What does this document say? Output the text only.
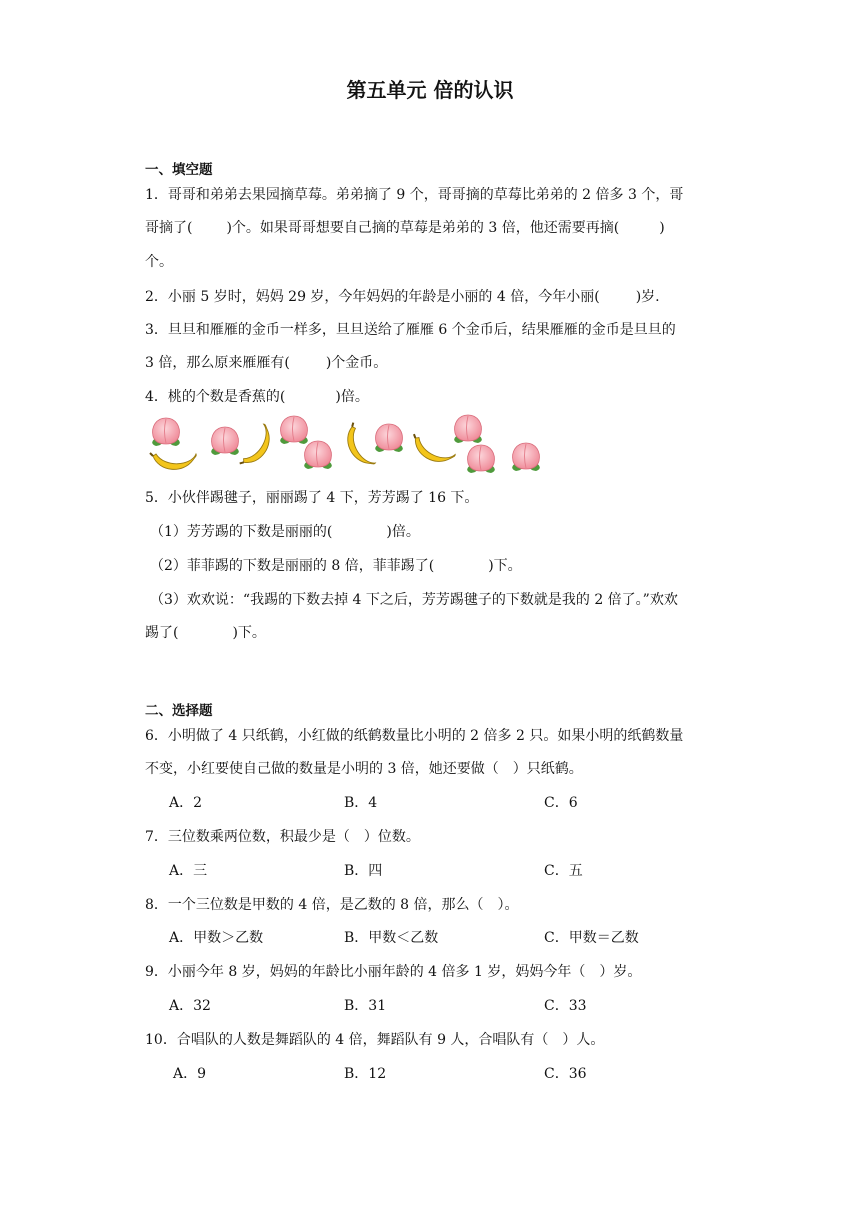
第五单元 倍的认识
一、填空题
1．哥哥和弟弟去果园摘草莓。弟弟摘了 9 个，哥哥摘的草莓比弟弟的 2 倍多 3 个，哥
哥摘了( )个。如果哥哥想要自己摘的草莓是弟弟的 3 倍，他还需要再摘(	)
个。
2．小丽 5 岁时，妈妈 29 岁，今年妈妈的年龄是小丽的 4 倍，今年小丽(	)岁.
3．旦旦和雁雁的金币一样多，旦旦送给了雁雁 6 个金币后，结果雁雁的金币是旦旦的
3 倍，那么原来雁雁有(	)个金币。
4．桃的个数是香蕉的(	)倍。
5．小伙伴踢毽子，丽丽踢了 4 下，芳芳踢了 16 下。
（1）芳芳踢的下数是丽丽的(	)倍。
（2）菲菲踢的下数是丽丽的 8 倍，菲菲踢了(	)下。
（3）欢欢说：“我踢的下数去掉 4 下之后，芳芳踢毽子的下数就是我的 2 倍了。”欢欢
踢了(	)下。
二、选择题
6．小明做了 4 只纸鹤，小红做的纸鹤数量比小明的 2 倍多 2 只。如果小明的纸鹤数量
不变，小红要使自己做的数量是小明的 3 倍，她还要做（　）只纸鹤。
A．2	B．4	C．6
7．三位数乘两位数，积最少是（　）位数。
A．三	B．四	C．五
8．一个三位数是甲数的 4 倍，是乙数的 8 倍，那么（　）。
A．甲数＞乙数	B．甲数＜乙数	C．甲数＝乙数
9．小丽今年 8 岁，妈妈的年龄比小丽年龄的 4 倍多 1 岁，妈妈今年（　）岁。
A．32	B．31	C．33
10．合唱队的人数是舞蹈队的 4 倍，舞蹈队有 9 人，合唱队有（　）人。
A．9	B．12	C．36
